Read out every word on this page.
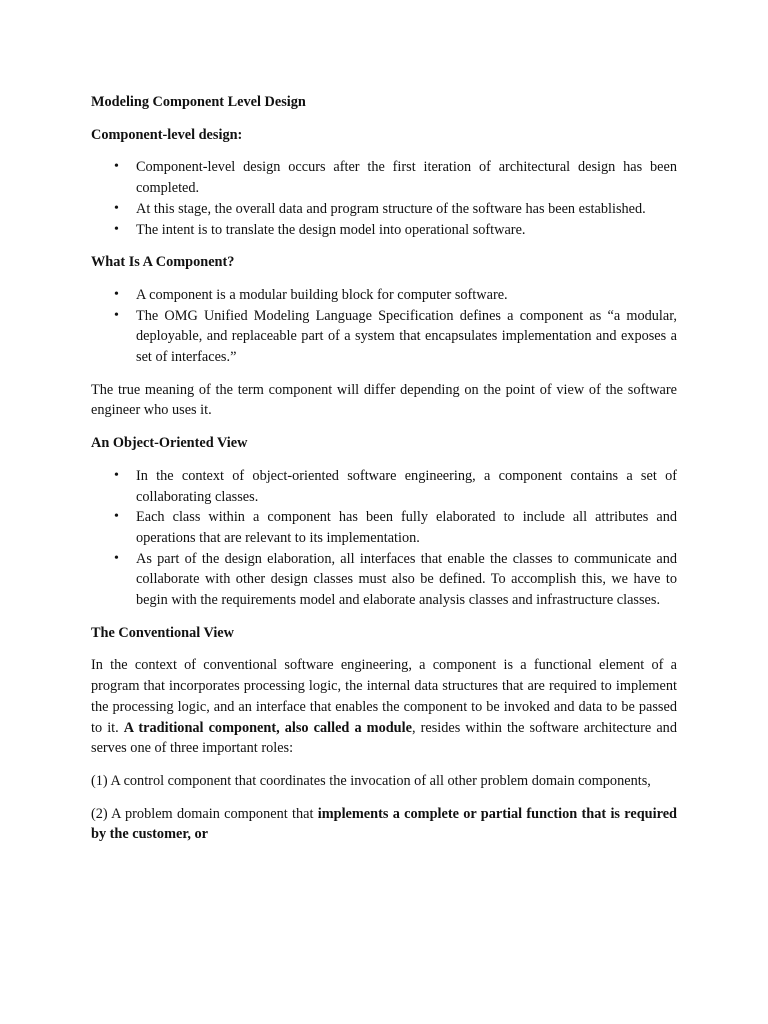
Modeling Component Level Design
Component-level design:
• Component-level design occurs after the first iteration of architectural design has been completed.
• At this stage, the overall data and program structure of the software has been established.
• The intent is to translate the design model into operational software.
What Is A Component?
• A component is a modular building block for computer software.
• The OMG Unified Modeling Language Specification defines a component as “a modular, deployable, and replaceable part of a system that encapsulates implementation and exposes a set of interfaces.”

The true meaning of the term component will differ depending on the point of view of the software engineer who uses it.

An Object-Oriented View
• In the context of object-oriented software engineering, a component contains a set of collaborating classes.
• Each class within a component has been fully elaborated to include all attributes and operations that are relevant to its implementation.
• As part of the design elaboration, all interfaces that enable the classes to communicate and collaborate with other design classes must also be defined. To accomplish this, we have to begin with the requirements model and elaborate analysis classes and infrastructure classes.
The Conventional View

In the context of conventional software engineering, a component is a functional element of a program that incorporates processing logic, the internal data structures that are required to implement the processing logic, and an interface that enables the component to be invoked and data to be passed to it. A traditional component, also called a module, resides within the software architecture and serves one of three important roles:

(1) A control component that coordinates the invocation of all other problem domain components,

(2) A problem domain component that implements a complete or partial function that is required by the customer, or
